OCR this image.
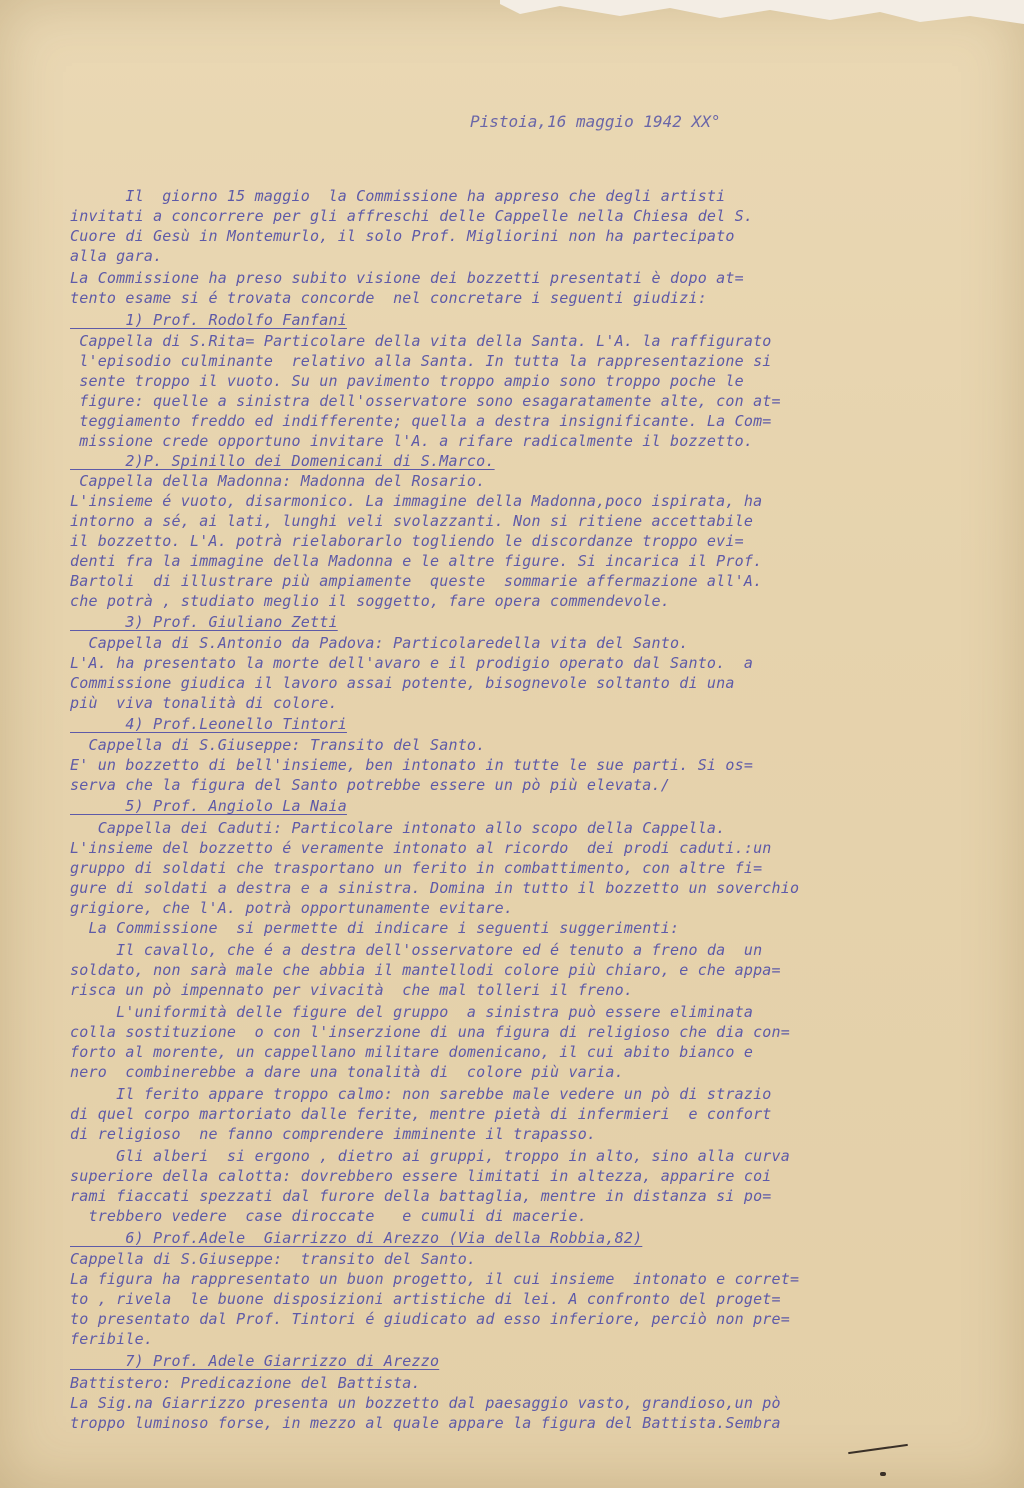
Pistoia,16 maggio 1942 XX°
Il  giorno 15 maggio  la Commissione ha appreso che degli artisti
invitati a concorrere per gli affreschi delle Cappelle nella Chiesa del S.
Cuore di Gesù in Montemurlo, il solo Prof. Migliorini non ha partecipato
alla gara.
La Commissione ha preso subito visione dei bozzetti presentati è dopo at=
tento esame si é trovata concorde  nel concretare i seguenti giudizi:
1) Prof. Rodolfo Fanfani
Cappella di S.Rita= Particolare della vita della Santa. L'A. la raffigurato
l'episodio culminante  relativo alla Santa. In tutta la rappresentazione si
sente troppo il vuoto. Su un pavimento troppo ampio sono troppo poche le
figure: quelle a sinistra dell'osservatore sono esagaratamente alte, con at=
teggiamento freddo ed indifferente; quella a destra insignificante. La Com=
missione crede opportuno invitare l'A. a rifare radicalmente il bozzetto.
2)P. Spinillo dei Domenicani di S.Marco.
Cappella della Madonna: Madonna del Rosario.
L'insieme é vuoto, disarmonico. La immagine della Madonna,poco ispirata, ha
intorno a sé, ai lati, lunghi veli svolazzanti. Non si ritiene accettabile
il bozzetto. L'A. potrà rielaborarlo togliendo le discordanze troppo evi=
denti fra la immagine della Madonna e le altre figure. Si incarica il Prof.
Bartoli  di illustrare più ampiamente  queste  sommarie affermazione all'A.
che potrà , studiato meglio il soggetto, fare opera commendevole.
3) Prof. Giuliano Zetti
Cappella di S.Antonio da Padova: Particolaredella vita del Santo.
L'A. ha presentato la morte dell'avaro e il prodigio operato dal Santo.  a
Commissione giudica il lavoro assai potente, bisognevole soltanto di una
più  viva tonalità di colore.
4) Prof.Leonello Tintori
Cappella di S.Giuseppe: Transito del Santo.
E' un bozzetto di bell'insieme, ben intonato in tutte le sue parti. Si os=
serva che la figura del Santo potrebbe essere un pò più elevata./
5) Prof. Angiolo La Naia
Cappella dei Caduti: Particolare intonato allo scopo della Cappella.
L'insieme del bozzetto é veramente intonato al ricordo  dei prodi caduti.:un
gruppo di soldati che trasportano un ferito in combattimento, con altre fi=
gure di soldati a destra e a sinistra. Domina in tutto il bozzetto un soverchio
grigiore, che l'A. potrà opportunamente evitare.
La Commissione  si permette di indicare i seguenti suggerimenti:
Il cavallo, che é a destra dell'osservatore ed é tenuto a freno da  un
soldato, non sarà male che abbia il mantellodi colore più chiaro, e che appa=
risca un pò impennato per vivacità  che mal tolleri il freno.
L'uniformità delle figure del gruppo  a sinistra può essere eliminata
colla sostituzione  o con l'inserzione di una figura di religioso che dia con=
forto al morente, un cappellano militare domenicano, il cui abito bianco e
nero  combinerebbe a dare una tonalità di  colore più varia.
Il ferito appare troppo calmo: non sarebbe male vedere un pò di strazio
di quel corpo martoriato dalle ferite, mentre pietà di infermieri  e confort
di religioso  ne fanno comprendere imminente il trapasso.
Gli alberi  si ergono , dietro ai gruppi, troppo in alto, sino alla curva
superiore della calotta: dovrebbero essere limitati in altezza, apparire coi
rami fiaccati spezzati dal furore della battaglia, mentre in distanza si po=
trebbero vedere  case diroccate   e cumuli di macerie.
6) Prof.Adele  Giarrizzo di Arezzo (Via della Robbia,82)
Cappella di S.Giuseppe:  transito del Santo.
La figura ha rappresentato un buon progetto, il cui insieme  intonato e corret=
to , rivela  le buone disposizioni artistiche di lei. A confronto del proget=
to presentato dal Prof. Tintori é giudicato ad esso inferiore, perciò non pre=
feribile.
7) Prof. Adele Giarrizzo di Arezzo
Battistero: Predicazione del Battista.
La Sig.na Giarrizzo presenta un bozzetto dal paesaggio vasto, grandioso,un pò
troppo luminoso forse, in mezzo al quale appare la figura del Battista.Sembra
